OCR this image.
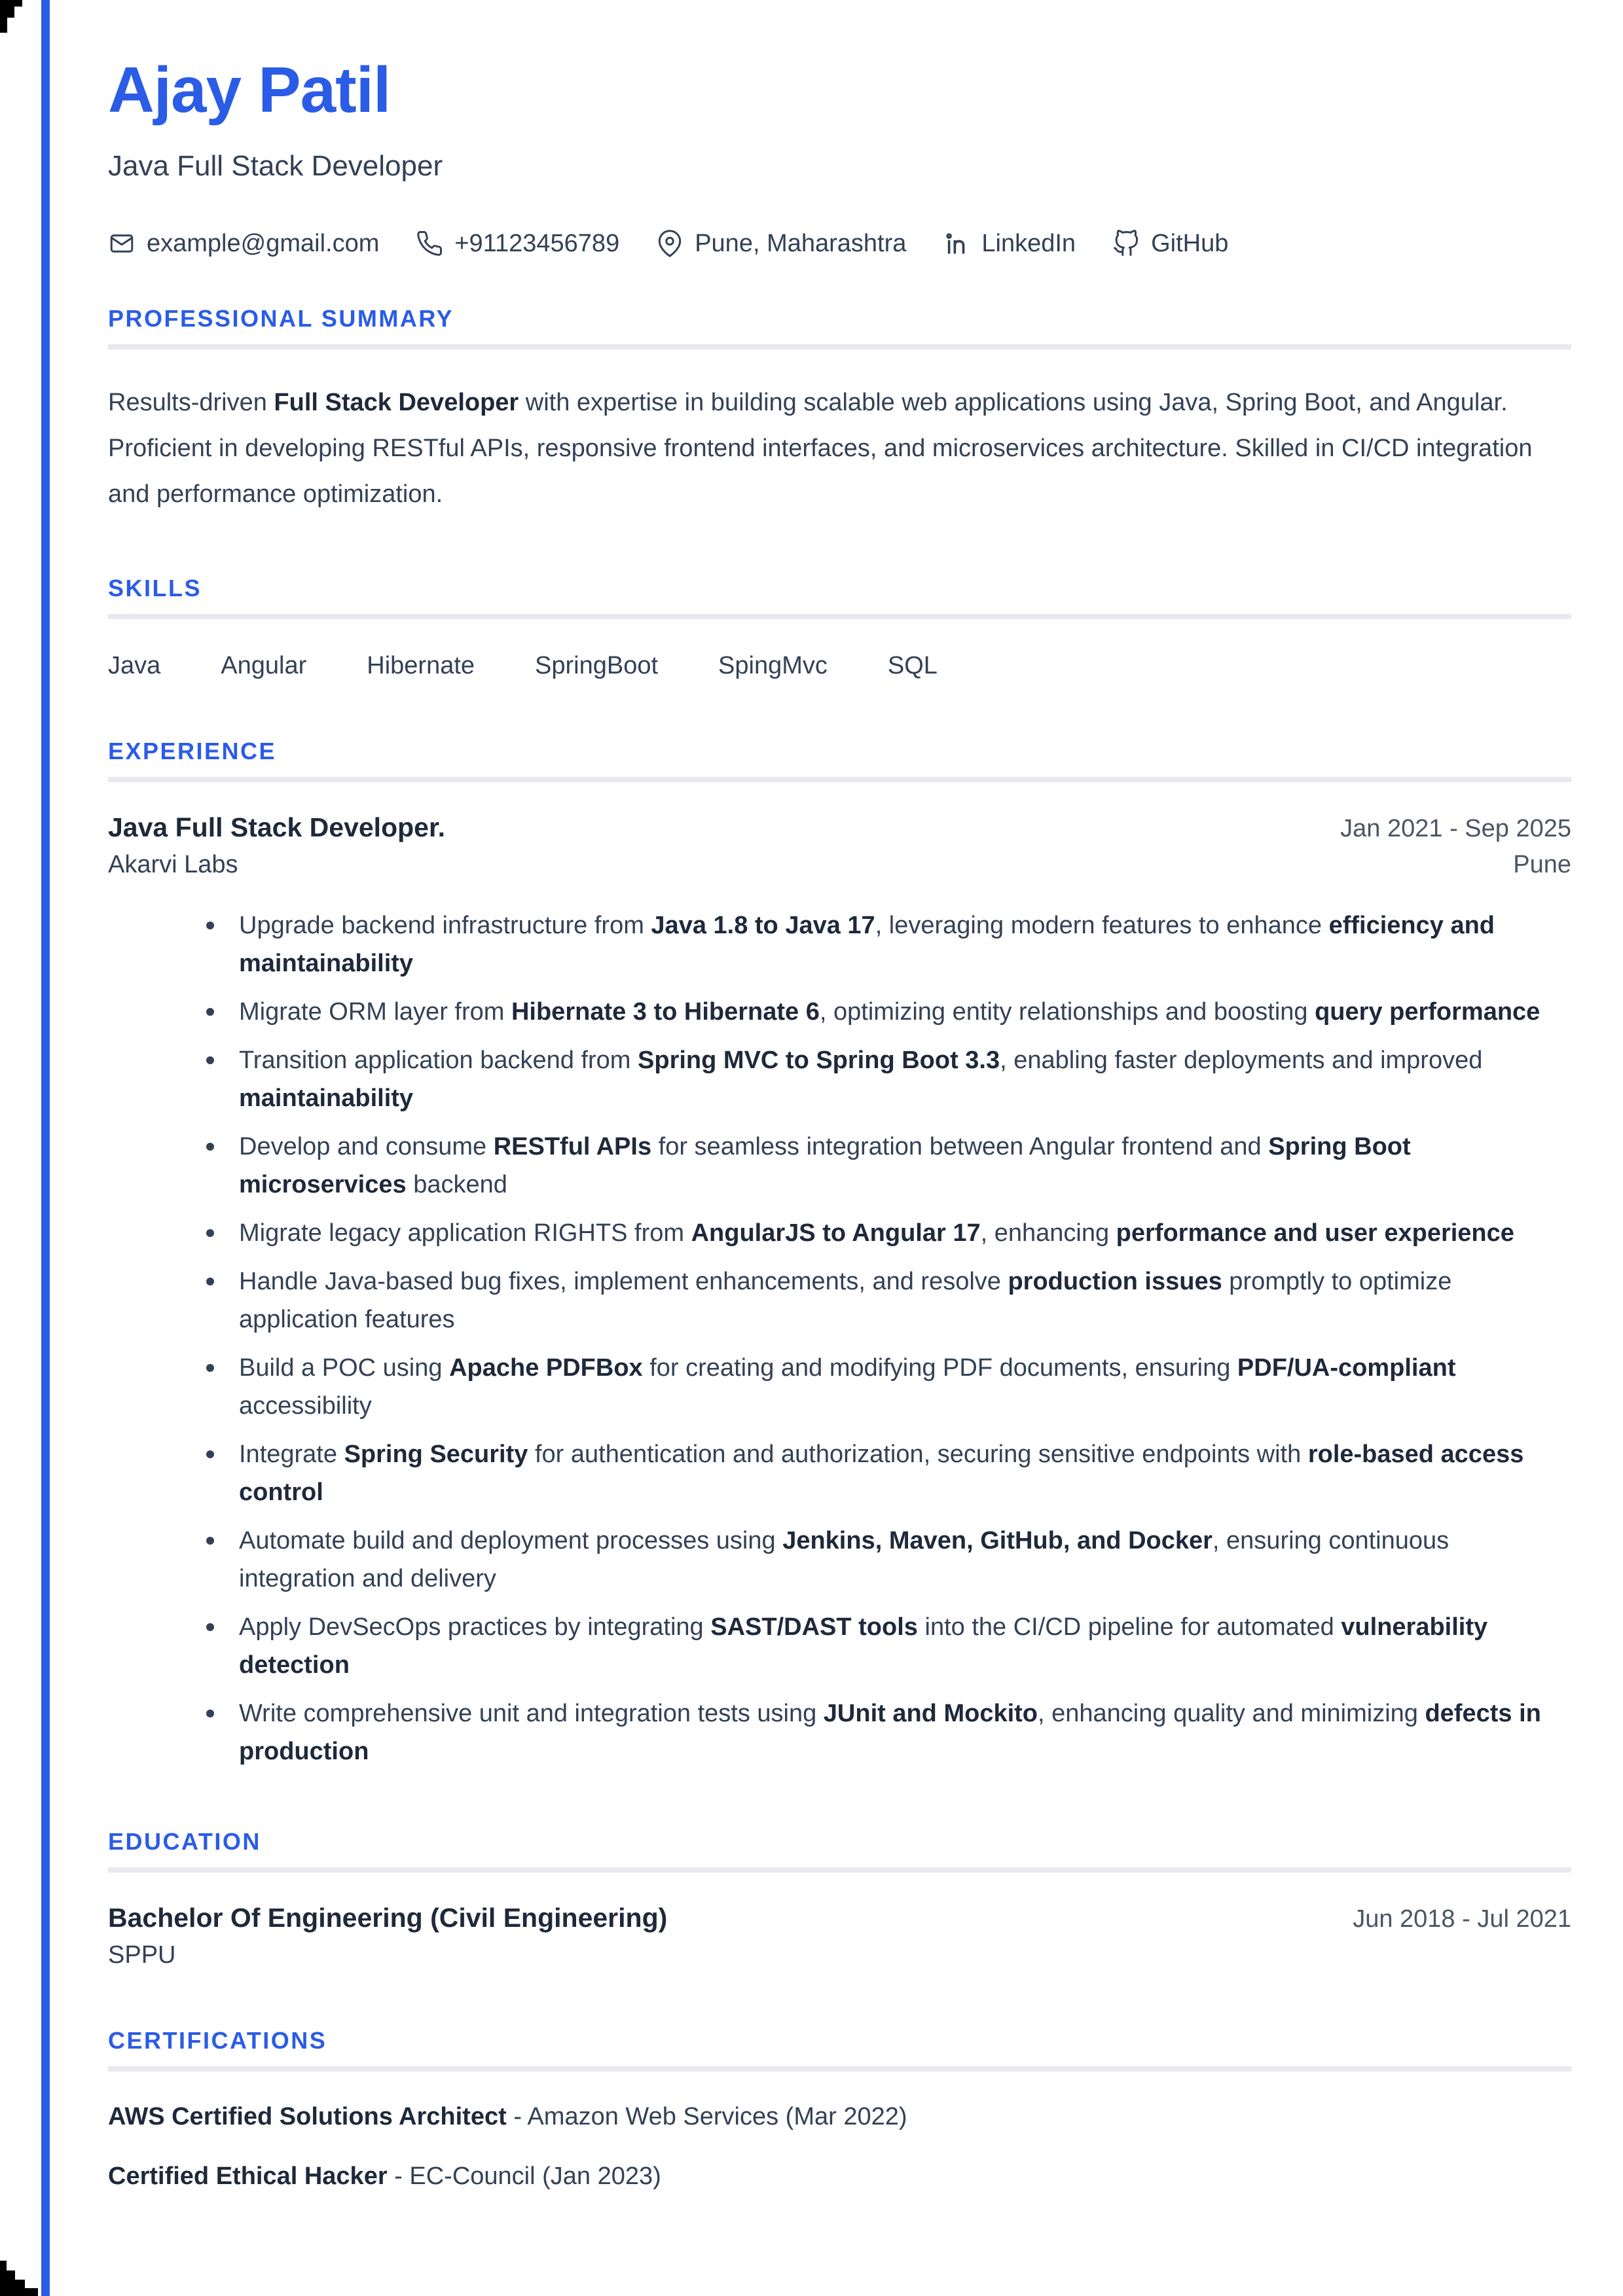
Ajay Patil
Java Full Stack Developer
example@gmail.com	+91123456789	Pune, Maharashtra	LinkedIn	GitHub
PROFESSIONAL SUMMARY
Results-driven Full Stack Developer with expertise in building scalable web applications using Java, Spring Boot, and Angular. Proficient in developing RESTful APIs, responsive frontend interfaces, and microservices architecture. Skilled in CI/CD integration and performance optimization.
SKILLS
Java Angular Hibernate SpringBoot SpingMvc SQL
EXPERIENCE
Java Full Stack Developer.	Jan 2021 - Sep 2025
Akarvi Labs	Pune
Upgrade backend infrastructure from Java 1.8 to Java 17, leveraging modern features to enhance efficiency and maintainability
Migrate ORM layer from Hibernate 3 to Hibernate 6, optimizing entity relationships and boosting query performance
Transition application backend from Spring MVC to Spring Boot 3.3, enabling faster deployments and improved maintainability
Develop and consume RESTful APIs for seamless integration between Angular frontend and Spring Boot microservices backend
Migrate legacy application RIGHTS from AngularJS to Angular 17, enhancing performance and user experience
Handle Java-based bug fixes, implement enhancements, and resolve production issues promptly to optimize application features
Build a POC using Apache PDFBox for creating and modifying PDF documents, ensuring PDF/UA-compliant accessibility
Integrate Spring Security for authentication and authorization, securing sensitive endpoints with role-based access control
Automate build and deployment processes using Jenkins, Maven, GitHub, and Docker, ensuring continuous integration and delivery
Apply DevSecOps practices by integrating SAST/DAST tools into the CI/CD pipeline for automated vulnerability detection
Write comprehensive unit and integration tests using JUnit and Mockito, enhancing quality and minimizing defects in production
EDUCATION
Bachelor Of Engineering (Civil Engineering)	Jun 2018 - Jul 2021
SPPU
CERTIFICATIONS
AWS Certified Solutions Architect - Amazon Web Services (Mar 2022)
Certified Ethical Hacker - EC-Council (Jan 2023)
